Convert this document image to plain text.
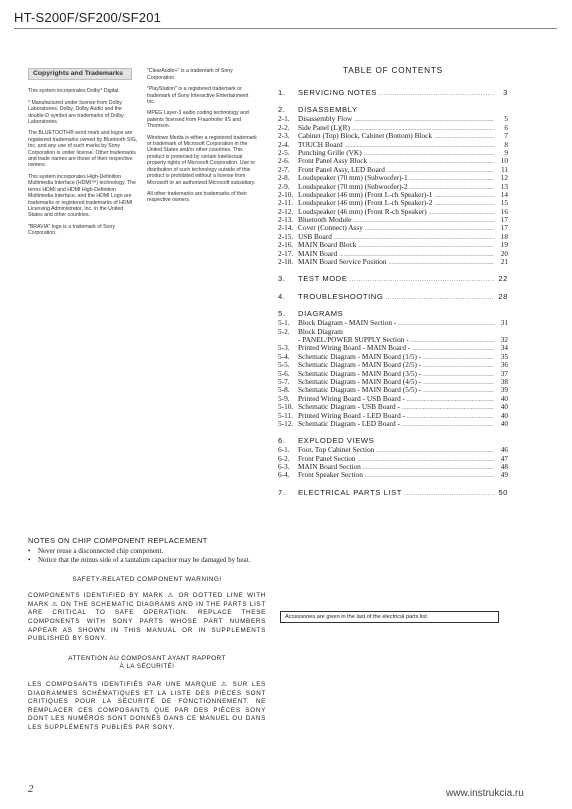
HT-S200F/SF200/SF201
Copyrights and Trademarks

This system incorporates Dolby* Digital.

* Manufactured under license from Dolby Laboratories. Dolby, Dolby Audio and the double-D symbol are trademarks of Dolby Laboratories.

The BLUETOOTH® word mark and logos are registered trademarks owned by Bluetooth SIG, Inc. and any use of such marks by Sony Corporation is under license. Other trademarks and trade names are those of their respective owners.

This system incorporates High-Definition Multimedia Interface (HDMI™) technology. The terms HDMI and HDMI High-Definition Multimedia Interface, and the HDMI Logo are trademarks or registered trademarks of HDMI Licensing Administrator, Inc. in the United States and other countries.

"BRAVIA" logo is a trademark of Sony Corporation.

"ClearAudio+" is a trademark of Sony Corporation.

"PlayStation" is a registered trademark or trademark of Sony Interactive Entertainment Inc.

MPEG Layer-3 audio coding technology and patents licensed from Fraunhofer IIS and Thomson.

Windows Media is either a registered trademark or trademark of Microsoft Corporation in the United States and/or other countries. This product is protected by certain intellectual property rights of Microsoft Corporation. Use or distribution of such technology outside of this product is prohibited without a license from Microsoft or an authorized Microsoft subsidiary.

All other trademarks are trademarks of their respective owners.

TABLE OF CONTENTS
1.	SERVICING NOTES .....	3
2.	DISASSEMBLY
2-1.	Disassembly Flow .....	5
2-2.	Side Panel (L)(R) .....	6
2-3.	Cabinet (Top) Block, Cabinet (Bottom) Block .....	7
2-4.	TOUCH Board .....	8
2-5.	Punching Grille (VK) .....	9
2-6.	Front Panel Assy Block .....	10
2-7.	Front Panel Assy, LED Board .....	11
2-8.	Loudspeaker (70 mm) (Subwoofer)-1 .....	12
2-9.	Loudspeaker (70 mm) (Subwoofer)-2 .....	13
2-10. Loudspeaker (46 mm) (Front L-ch Speaker)-1 .....	14
2-11. Loudspeaker (46 mm) (Front L-ch Speaker)-2 .....	15
2-12. Loudspeaker (46 mm) (Front R-ch Speaker) .....	16
2-13. Bluetooth Module .....	17
2-14. Cover (Connect) Assy .....	17
2-15. USB Board .....	18
2-16. MAIN Board Block .....	19
2-17. MAIN Board .....	20
2-18. MAIN Board Service Position .....	21
3.	TEST MODE .....	22
4.	TROUBLESHOOTING .....	28
5.	DIAGRAMS
5-1.	Block Diagram - MAIN Section - .....	31
5-2.	Block Diagram
- PANEL/POWER SUPPLY Section - .....	32
5-3.	Printed Wiring Board - MAIN Board - .....	34
5-4.	Schematic Diagram - MAIN Board (1/5) - .....	35
5-5.	Schematic Diagram - MAIN Board (2/5) - .....	36
5-6.	Schematic Diagram - MAIN Board (3/5) - .....	37
5-7.	Schematic Diagram - MAIN Board (4/5) - .....	38
5-8.	Schematic Diagram - MAIN Board (5/5) - .....	39
5-9.	Printed Wiring Board - USB Board - .....	40
5-10. Schematic Diagram - USB Board - .....	40
5-11. Printed Wiring Board - LED Board - .....	40
5-12. Schematic Diagram - LED Board - .....	40
6.	EXPLODED VIEWS
6-1.	Foot, Top Cabinet Section .....	46
6-2.	Front Panel Section .....	47
6-3.	MAIN Board Section .....	48
6-4.	Front Speaker Section .....	49
7.	ELECTRICAL PARTS LIST .....	50
Accessories are given in the last of the electrical parts list.
NOTES ON CHIP COMPONENT REPLACEMENT
•	Never reuse a disconnected chip component.
•	Notice that the minus side of a tantalum capacitor may be damaged by heat.
SAFETY-RELATED COMPONENT WARNING!
COMPONENTS IDENTIFIED BY MARK ⚠ OR DOTTED LINE WITH MARK ⚠ ON THE SCHEMATIC DIAGRAMS AND IN THE PARTS LIST ARE CRITICAL TO SAFE OPERATION. REPLACE THESE COMPONENTS WITH SONY PARTS WHOSE PART NUMBERS APPEAR AS SHOWN IN THIS MANUAL OR IN SUPPLEMENTS PUBLISHED BY SONY.
ATTENTION AU COMPOSANT AYANT RAPPORT
À LA SÉCURITÉ!
LES COMPOSANTS IDENTIFIÉS PAR UNE MARQUE ⚠ SUR LES DIAGRAMMES SCHÉMATIQUES ET LA LISTE DES PIÈCES SONT CRITIQUES POUR LA SÉCURITÉ DE FONCTIONNEMENT. NE REMPLACER CES COMPOSANTS QUE PAR DES PIÈCES SONY DONT LES NUMÉROS SONT DONNÉS DANS CE MANUEL OU DANS LES SUPPLÉMENTS PUBLIÉS PAR SONY.
2	www.instrukcia.ru
